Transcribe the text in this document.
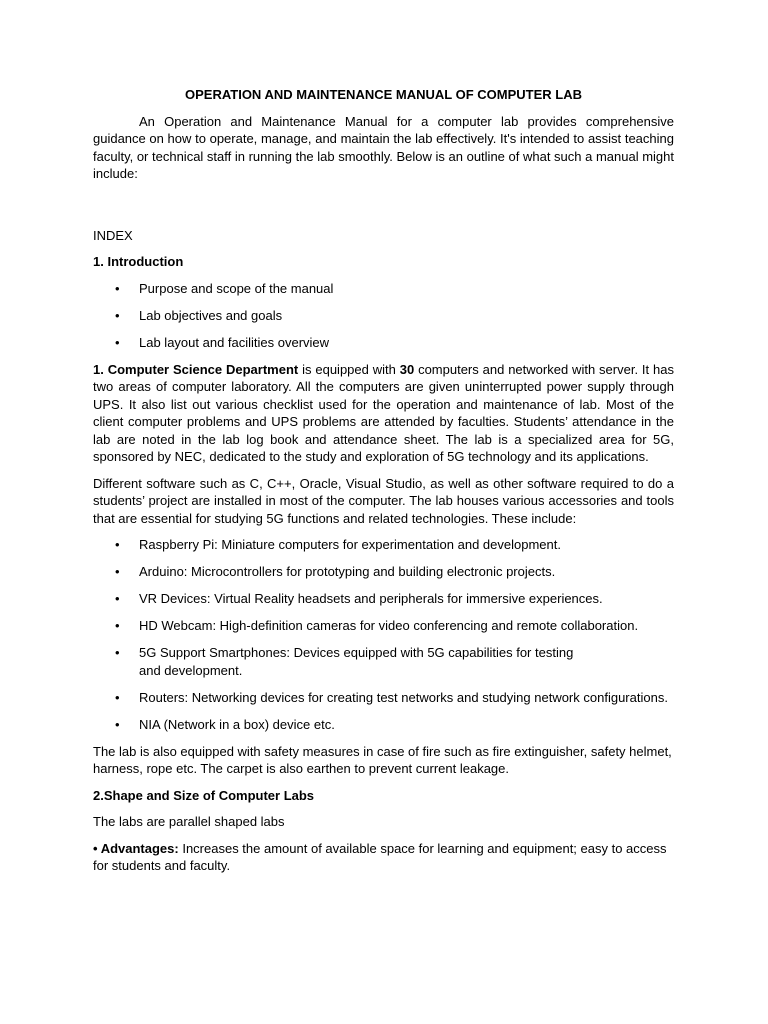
OPERATION AND MAINTENANCE MANUAL OF COMPUTER LAB

An Operation and Maintenance Manual for a computer lab provides comprehensive guidance on how to operate, manage, and maintain the lab effectively. It's intended to assist teaching faculty, or technical staff in running the lab smoothly. Below is an outline of what such a manual might include:

INDEX

1. Introduction

• Purpose and scope of the manual
• Lab objectives and goals
• Lab layout and facilities overview

1. Computer Science Department is equipped with 30 computers and networked with server. It has two areas of computer laboratory. All the computers are given uninterrupted power supply through UPS. It also list out various checklist used for the operation and maintenance of lab. Most of the client computer problems and UPS problems are attended by faculties. Students’ attendance in the lab are noted in the lab log book and attendance sheet. The lab is a specialized area for 5G, sponsored by NEC, dedicated to the study and exploration of 5G technology and its applications.

Different software such as C, C++, Oracle, Visual Studio, as well as other software required to do a students’ project are installed in most of the computer. The lab houses various accessories and tools that are essential for studying 5G functions and related technologies. These include:

• Raspberry Pi: Miniature computers for experimentation and development.
• Arduino: Microcontrollers for prototyping and building electronic projects.
• VR Devices: Virtual Reality headsets and peripherals for immersive experiences.
• HD Webcam: High-definition cameras for video conferencing and remote collaboration.
• 5G Support Smartphones: Devices equipped with 5G capabilities for testing and development.
• Routers: Networking devices for creating test networks and studying network configurations.
• NIA (Network in a box) device etc.

The lab is also equipped with safety measures in case of fire such as fire extinguisher, safety helmet, harness, rope etc. The carpet is also earthen to prevent current leakage.

2.Shape and Size of Computer Labs

The labs are parallel shaped labs

• Advantages: Increases the amount of available space for learning and equipment; easy to access for students and faculty.
